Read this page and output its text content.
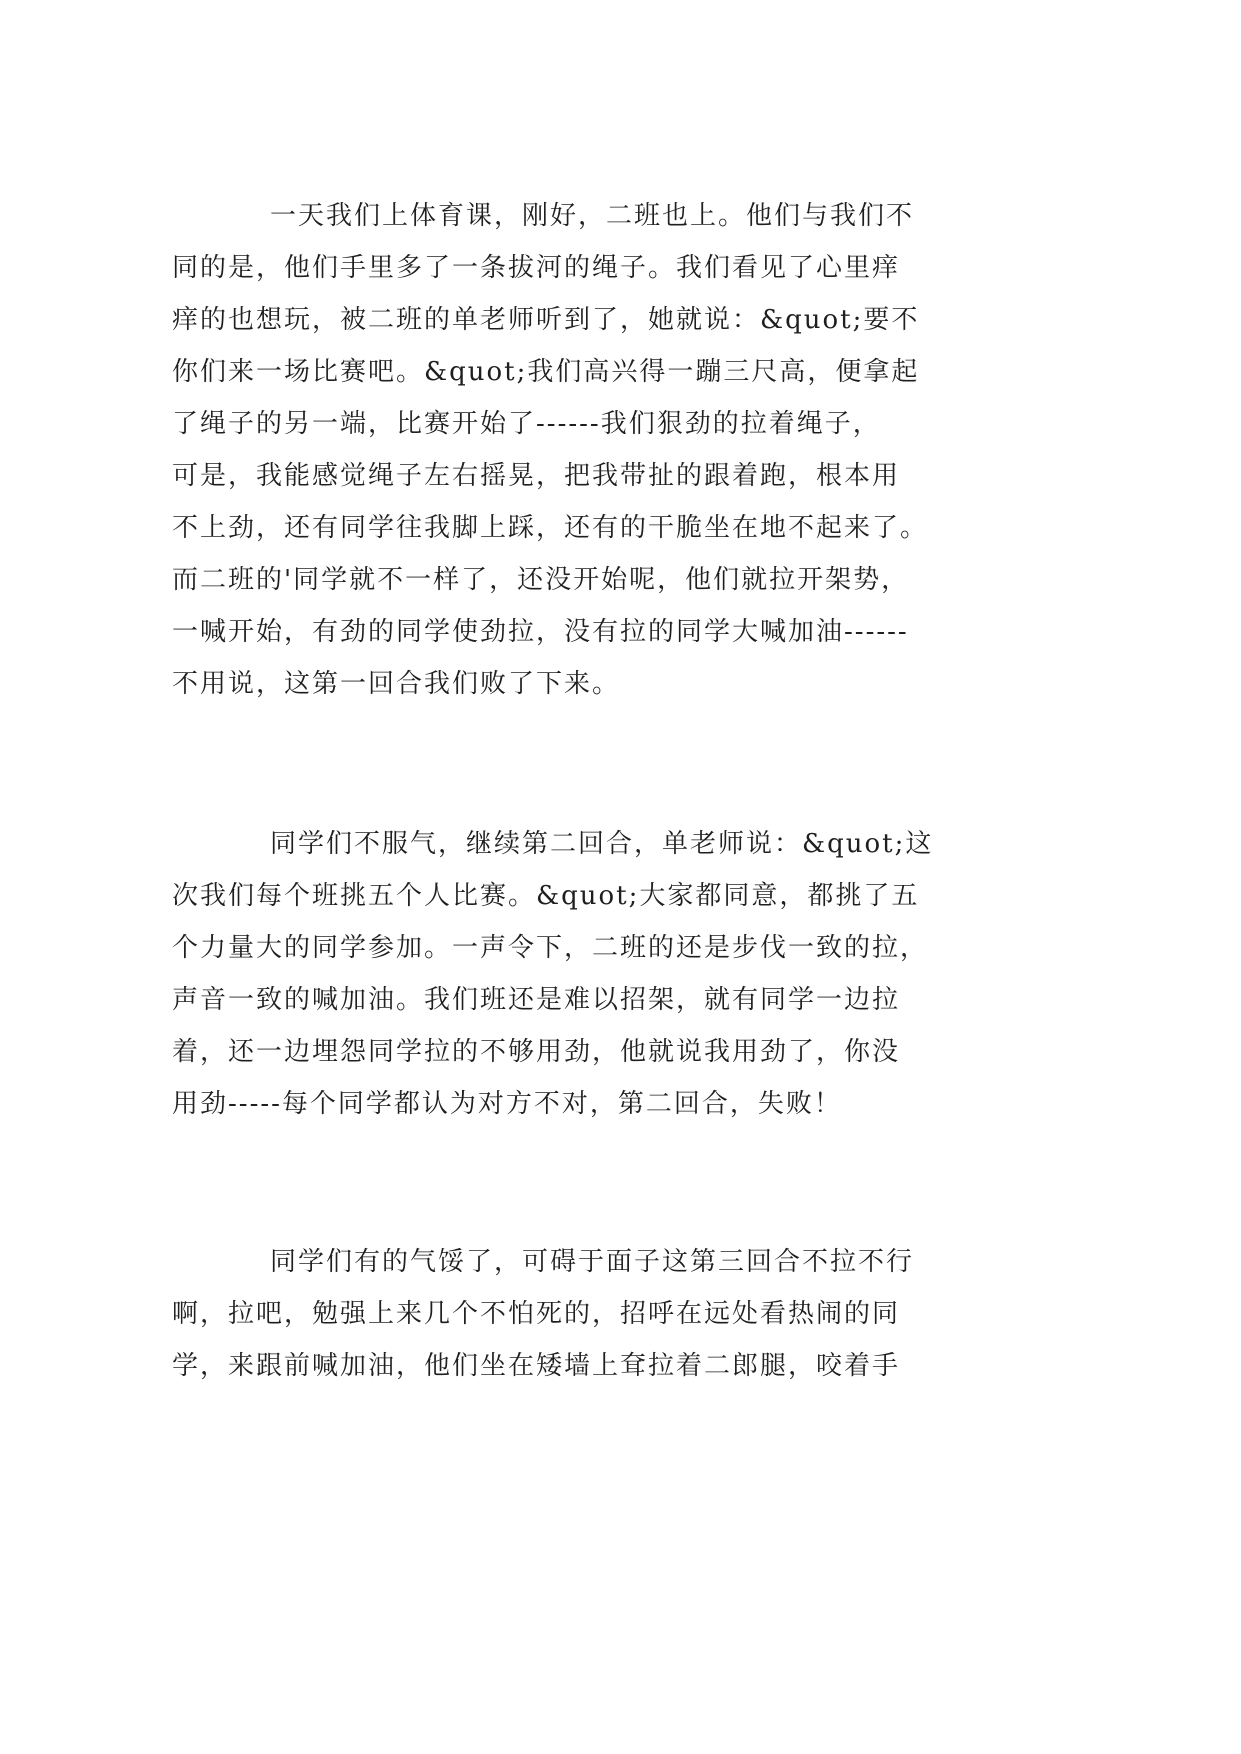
一天我们上体育课，刚好，二班也上。他们与我们不
同的是，他们手里多了一条拔河的绳子。我们看见了心里痒
痒的也想玩，被二班的单老师听到了，她就说：&quot;要不
你们来一场比赛吧。&quot;我们高兴得一蹦三尺高，便拿起
了绳子的另一端，比赛开始了------我们狠劲的拉着绳子，
可是，我能感觉绳子左右摇晃，把我带扯的跟着跑，根本用
不上劲，还有同学往我脚上踩，还有的干脆坐在地不起来了。
而二班的'同学就不一样了，还没开始呢，他们就拉开架势，
一喊开始，有劲的同学使劲拉，没有拉的同学大喊加油------
不用说，这第一回合我们败了下来。
同学们不服气，继续第二回合，单老师说：&quot;这
次我们每个班挑五个人比赛。&quot;大家都同意，都挑了五
个力量大的同学参加。一声令下，二班的还是步伐一致的拉，
声音一致的喊加油。我们班还是难以招架，就有同学一边拉
着，还一边埋怨同学拉的不够用劲，他就说我用劲了，你没
用劲-----每个同学都认为对方不对，第二回合，失败！
同学们有的气馁了，可碍于面子这第三回合不拉不行
啊，拉吧，勉强上来几个不怕死的，招呼在远处看热闹的同
学，来跟前喊加油，他们坐在矮墙上耷拉着二郎腿，咬着手
